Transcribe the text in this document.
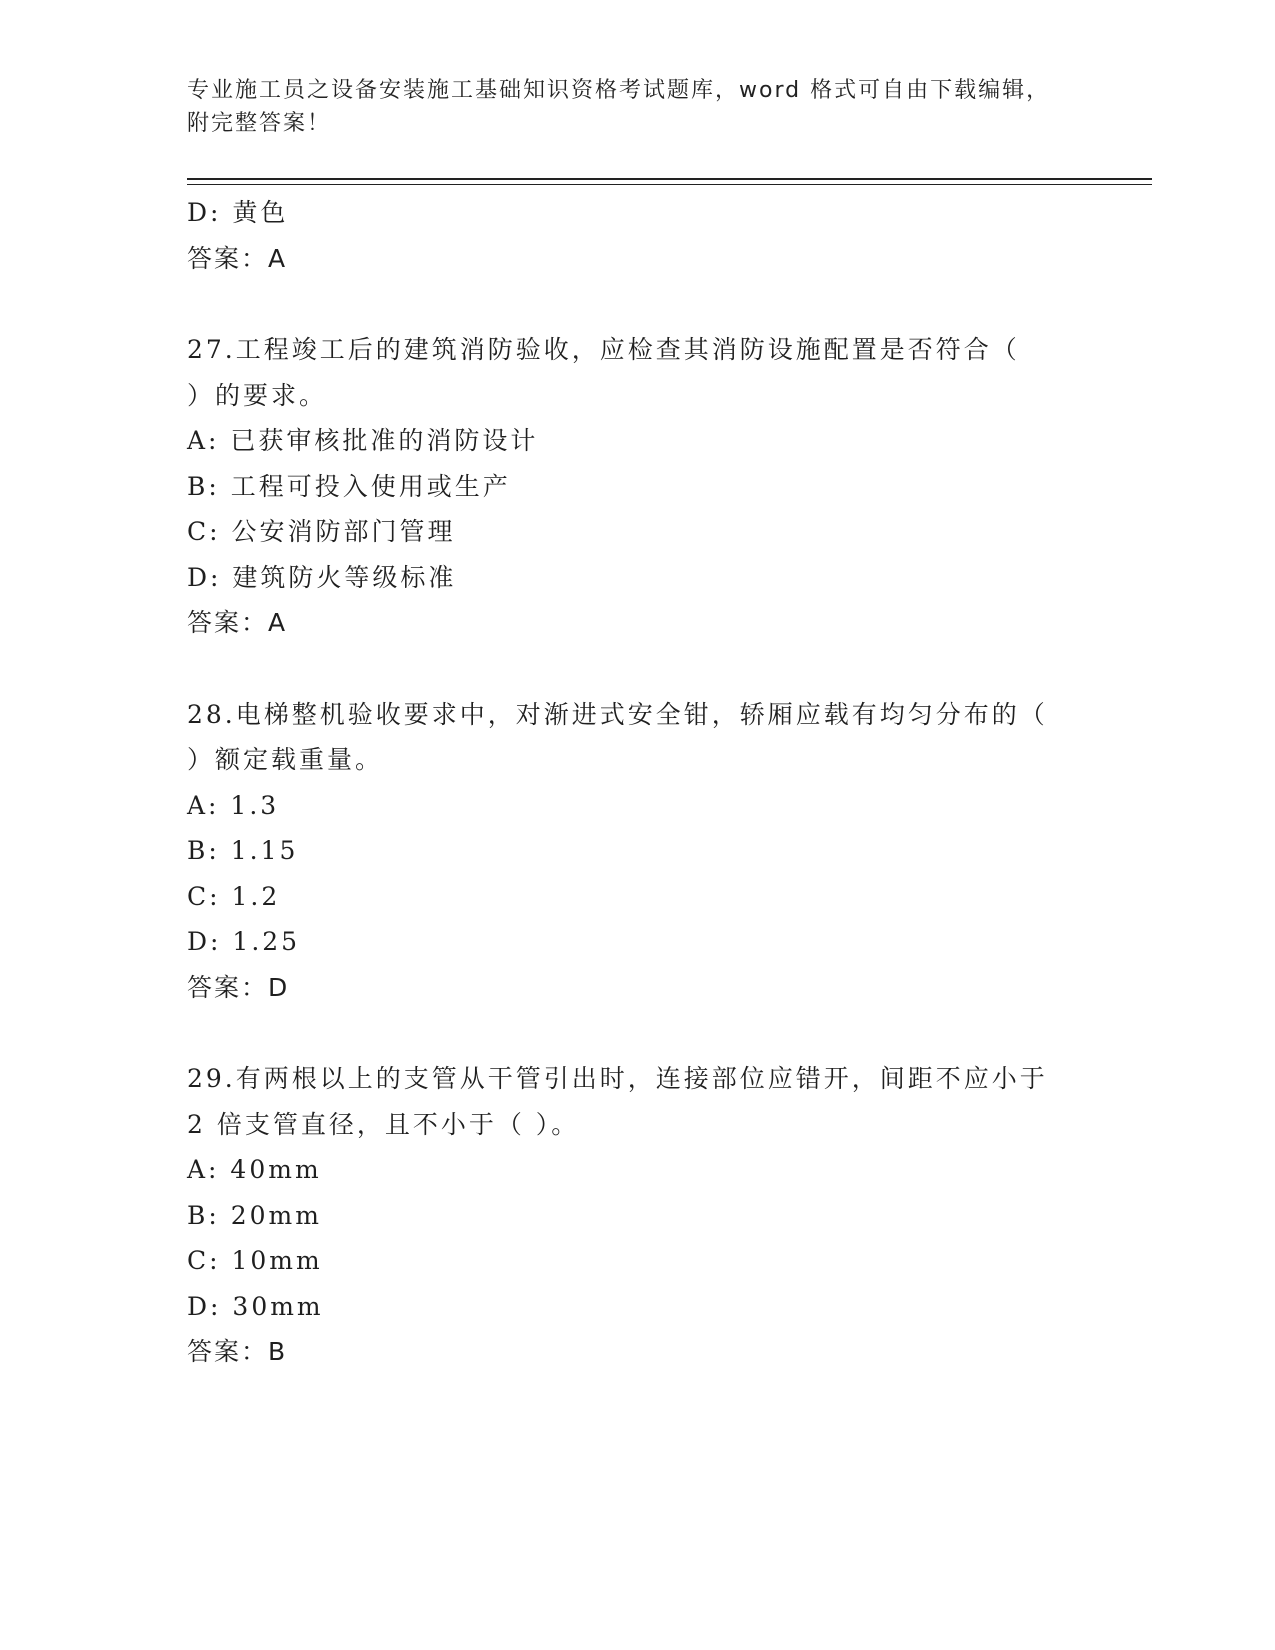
专业施工员之设备安装施工基础知识资格考试题库，word 格式可自由下载编辑，
附完整答案！
D: 黄色
答案：A
27.工程竣工后的建筑消防验收，应检查其消防设施配置是否符合（
）的要求。
A: 已获审核批准的消防设计
B: 工程可投入使用或生产
C: 公安消防部门管理
D: 建筑防火等级标准
答案：A
28.电梯整机验收要求中，对渐进式安全钳，轿厢应载有均匀分布的（
）额定载重量。
A: 1.3
B: 1.15
C: 1.2
D: 1.25
答案：D
29.有两根以上的支管从干管引出时，连接部位应错开，间距不应小于
2 倍支管直径，且不小于（ ）。
A: 40mm
B: 20mm
C: 10mm
D: 30mm
答案：B
